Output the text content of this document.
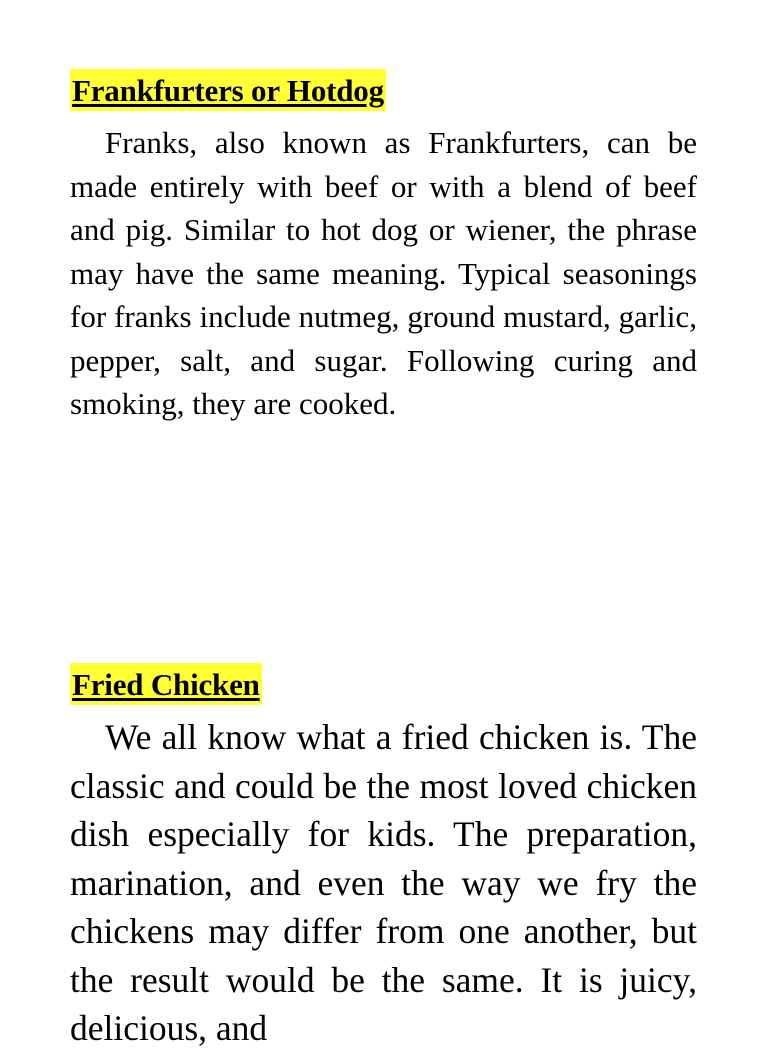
Frankfurters or Hotdog

Franks, also known as Frankfurters, can be made entirely with beef or with a blend of beef and pig. Similar to hot dog or wiener, the phrase may have the same meaning. Typical seasonings for franks include nutmeg, ground mustard, garlic, pepper, salt, and sugar. Following curing and smoking, they are cooked.

Fried Chicken

We all know what a fried chicken is. The classic and could be the most loved chicken dish especially for kids. The preparation, marination, and even the way we fry the chickens may differ from one another, but the result would be the same. It is juicy, delicious, and
